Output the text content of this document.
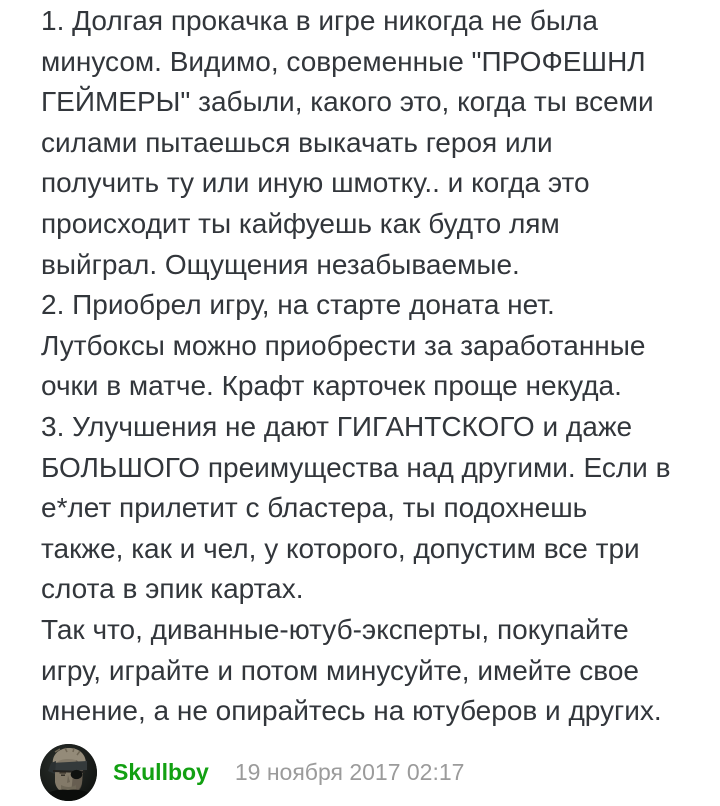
1. Долгая прокачка в игре никогда не была
минусом. Видимо, современные "ПРОФЕШНЛ
ГЕЙМЕРЫ" забыли, какого это, когда ты всеми
силами пытаешься выкачать героя или
получить ту или иную шмотку.. и когда это
происходит ты кайфуешь как будто лям
выйграл. Ощущения незабываемые.
2. Приобрел игру, на старте доната нет.
Лутбоксы можно приобрести за заработанные
очки в матче. Крафт карточек проще некуда.
3. Улучшения не дают ГИГАНТСКОГО и даже
БОЛЬШОГО преимущества над другими. Если в
е*лет прилетит с бластера, ты подохнешь
также, как и чел, у которого, допустим все три
слота в эпик картах.
Так что, диванные-ютуб-эксперты, покупайте
игру, играйте и потом минусуйте, имейте свое
мнение, а не опирайтесь на ютуберов и других.
Skullboy 19 ноября 2017 02:17
